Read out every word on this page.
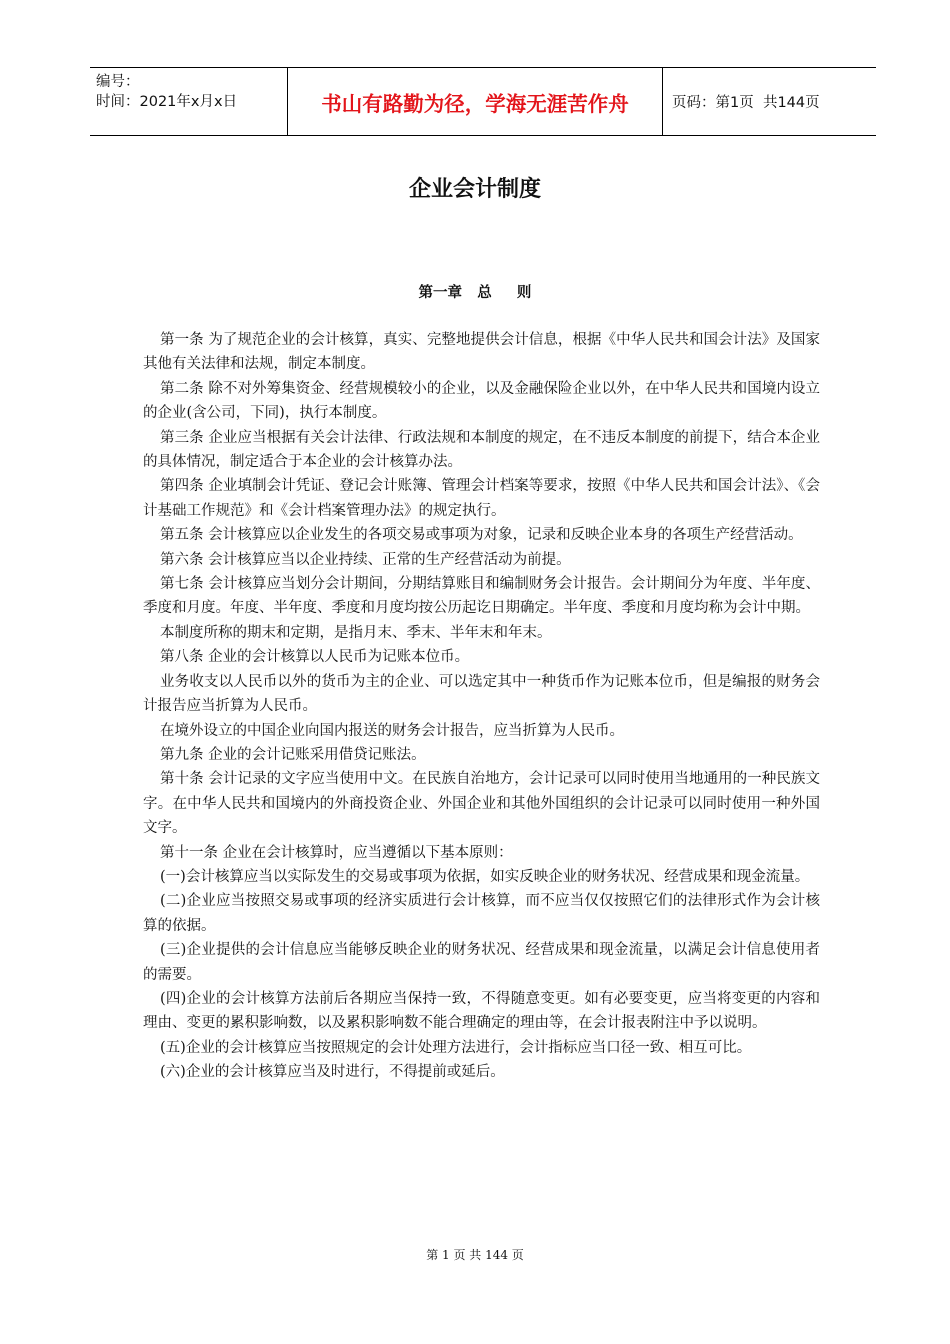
编号：
时间：2021年x月x日	书山有路勤为径，学海无涯苦作舟	页码：第1页  共144页
企业会计制度
第一章   总     则

第一条 为了规范企业的会计核算，真实、完整地提供会计信息，根据《中华人民共和国会计法》及国家其他有关法律和法规，制定本制度。

第二条 除不对外筹集资金、经营规模较小的企业，以及金融保险企业以外，在中华人民共和国境内设立的企业(含公司，下同)，执行本制度。

第三条 企业应当根据有关会计法律、行政法规和本制度的规定，在不违反本制度的前提下，结合本企业的具体情况，制定适合于本企业的会计核算办法。

第四条 企业填制会计凭证、登记会计账簿、管理会计档案等要求，按照《中华人民共和国会计法》、《会计基础工作规范》和《会计档案管理办法》的规定执行。

第五条 会计核算应以企业发生的各项交易或事项为对象，记录和反映企业本身的各项生产经营活动。

第六条 会计核算应当以企业持续、正常的生产经营活动为前提。

第七条 会计核算应当划分会计期间，分期结算账目和编制财务会计报告。会计期间分为年度、半年度、季度和月度。年度、半年度、季度和月度均按公历起讫日期确定。半年度、季度和月度均称为会计中期。

本制度所称的期末和定期，是指月末、季末、半年末和年末。

第八条 企业的会计核算以人民币为记账本位币。

业务收支以人民币以外的货币为主的企业、可以选定其中一种货币作为记账本位币，但是编报的财务会计报告应当折算为人民币。

在境外设立的中国企业向国内报送的财务会计报告，应当折算为人民币。

第九条 企业的会计记账采用借贷记账法。

第十条 会计记录的文字应当使用中文。在民族自治地方，会计记录可以同时使用当地通用的一种民族文字。在中华人民共和国境内的外商投资企业、外国企业和其他外国组织的会计记录可以同时使用一种外国文字。

第十一条 企业在会计核算时，应当遵循以下基本原则：

(一)会计核算应当以实际发生的交易或事项为依据，如实反映企业的财务状况、经营成果和现金流量。

(二)企业应当按照交易或事项的经济实质进行会计核算，而不应当仅仅按照它们的法律形式作为会计核算的依据。

(三)企业提供的会计信息应当能够反映企业的财务状况、经营成果和现金流量，以满足会计信息使用者的需要。

(四)企业的会计核算方法前后各期应当保持一致，不得随意变更。如有必要变更，应当将变更的内容和理由、变更的累积影响数，以及累积影响数不能合理确定的理由等，在会计报表附注中予以说明。

(五)企业的会计核算应当按照规定的会计处理方法进行，会计指标应当口径一致、相互可比。

(六)企业的会计核算应当及时进行，不得提前或延后。

第 1 页 共 144 页
